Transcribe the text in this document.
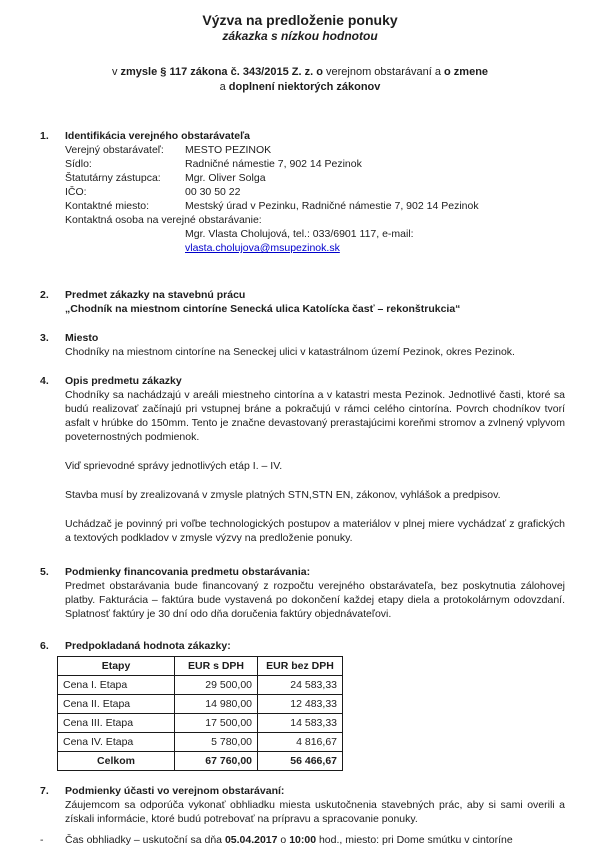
Výzva na predloženie ponuky
zákazka s nízkou hodnotou
v zmysle § 117 zákona č. 343/2015 Z. z. o verejnom obstarávaní a o zmene
a doplnení niektorých zákonov
1.	Identifikácia verejného obstarávateľa
Verejný obstarávateľ:	MESTO PEZINOK
Sídlo:	Radničné námestie 7, 902 14 Pezinok
Štatutárny zástupca:	Mgr. Oliver Solga
IČO:	00 30 50 22
Kontaktné miesto:	Mestský úrad v Pezinku, Radničné námestie 7, 902 14 Pezinok
Kontaktná osoba na verejné obstarávanie:
Mgr. Vlasta Cholujová, tel.: 033/6901 117, e-mail:
vlasta.cholujova@msupezinok.sk
2.	Predmet zákazky na stavebnú prácu
„Chodník na miestnom cintoríne Senecká ulica Katolícka časť – rekonštrukcia“
3.	Miesto
Chodníky na miestnom cintoríne na Seneckej ulici v katastrálnom území Pezinok, okres Pezinok.
4.	Opis predmetu zákazky
Chodníky sa nachádzajú v areáli miestneho cintorína a v katastri mesta Pezinok. Jednotlivé časti, ktoré sa budú realizovať začínajú pri vstupnej bráne a pokračujú v rámci celého cintorína. Povrch chodníkov tvorí asfalt v hrúbke do 150mm. Tento je značne devastovaný prerastajúcimi koreňmi stromov a zvlnený vplyvom poveternostných podmienok.
Viď sprievodné správy jednotlivých etáp I. – IV.
Stavba musí by zrealizovaná v zmysle platných STN,STN EN, zákonov, vyhlášok a predpisov.
Uchádzač je povinný pri voľbe technologických postupov a materiálov v plnej miere vychádzať z grafických a textových podkladov v zmysle výzvy na predloženie ponuky.
5.	Podmienky financovania predmetu obstarávania:
Predmet obstarávania bude financovaný z rozpočtu verejného obstarávateľa, bez poskytnutia zálohovej platby. Fakturácia – faktúra bude vystavená po dokončení každej etapy diela a protokolárnym odovzdaní. Splatnosť faktúry je 30 dní odo dňa doručenia faktúry objednávateľovi.
6.	Predpokladaná hodnota zákazky:
Etapy	EUR s DPH	EUR bez DPH
Cena I. Etapa	29 500,00	24 583,33
Cena II. Etapa	14 980,00	12 483,33
Cena III. Etapa	17 500,00	14 583,33
Cena IV. Etapa	5 780,00	4 816,67
Celkom	67 760,00	56 466,67
7.	Podmienky účasti vo verejnom obstarávaní:
Záujemcom sa odporúča vykonať obhliadku miesta uskutočnenia stavebných prác, aby si sami overili a získali informácie, ktoré budú potrebovať na prípravu a spracovanie ponuky.
-	Čas obhliadky – uskutoční sa dňa 05.04.2017 o 10:00 hod., miesto: pri Dome smútku v cintoríne
